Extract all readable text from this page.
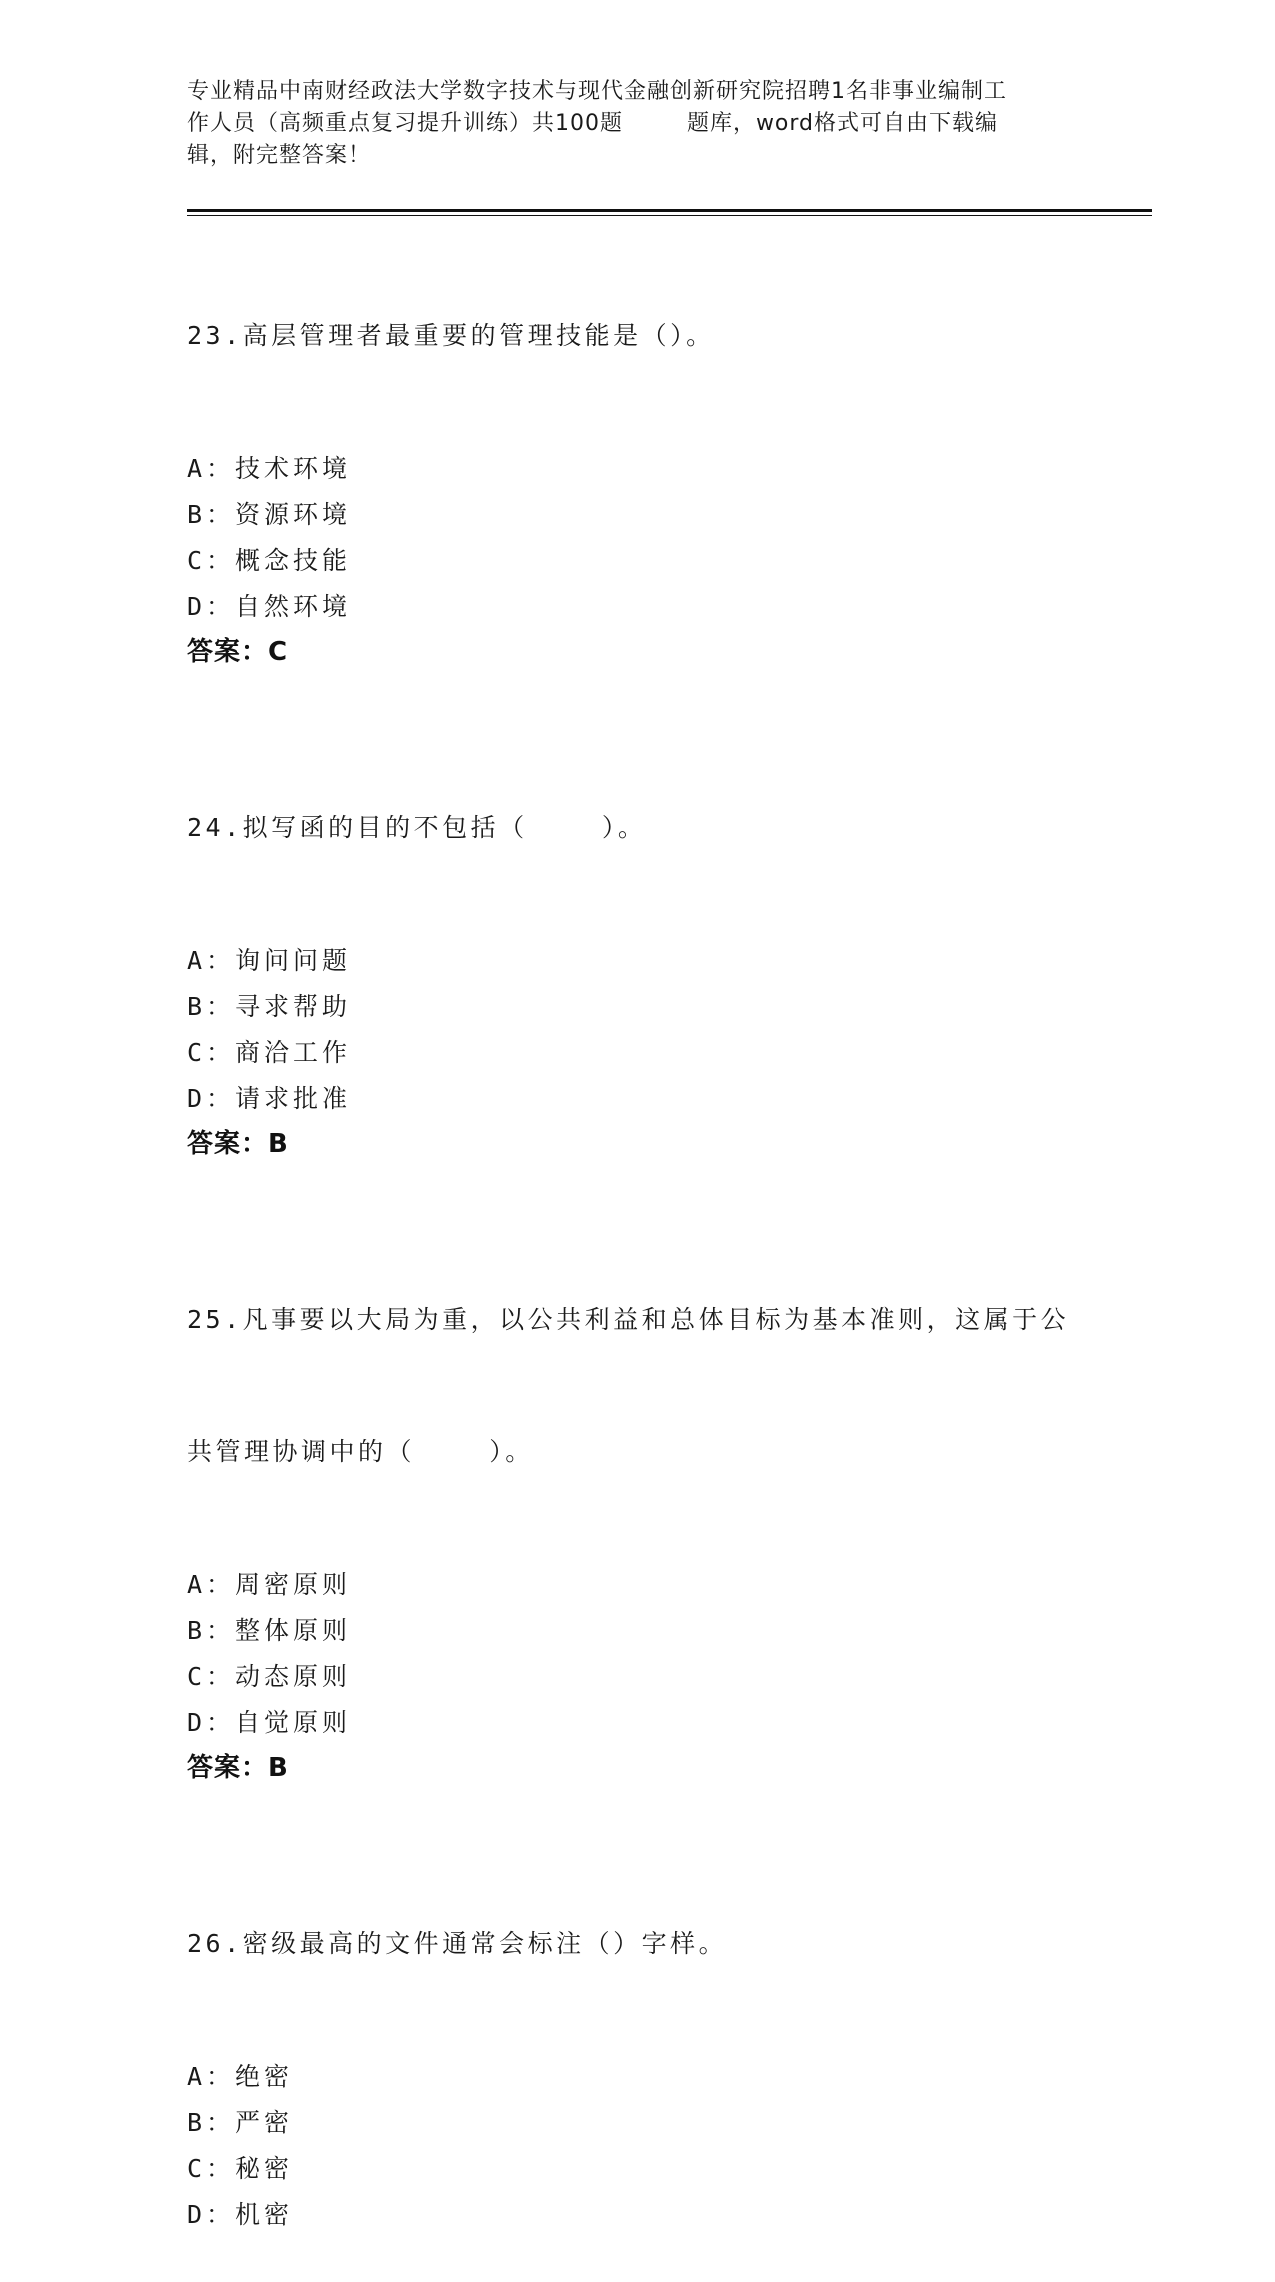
专业精品中南财经政法大学数字技术与现代金融创新研究院招聘1名非事业编制工
作人员（高频重点复习提升训练）共100题        题库，word格式可自由下载编
辑，附完整答案！

23.高层管理者最重要的管理技能是（）。

A：技术环境
B：资源环境
C：概念技能
D：自然环境
答案：C

24.拟写函的目的不包括（    ）。

A：询问问题
B：寻求帮助
C：商洽工作
D：请求批准
答案：B

25.凡事要以大局为重，以公共利益和总体目标为基本准则，这属于公

共管理协调中的（    ）。

A：周密原则
B：整体原则
C：动态原则
D：自觉原则
答案：B

26.密级最高的文件通常会标注（）字样。

A：绝密
B：严密
C：秘密
D：机密
